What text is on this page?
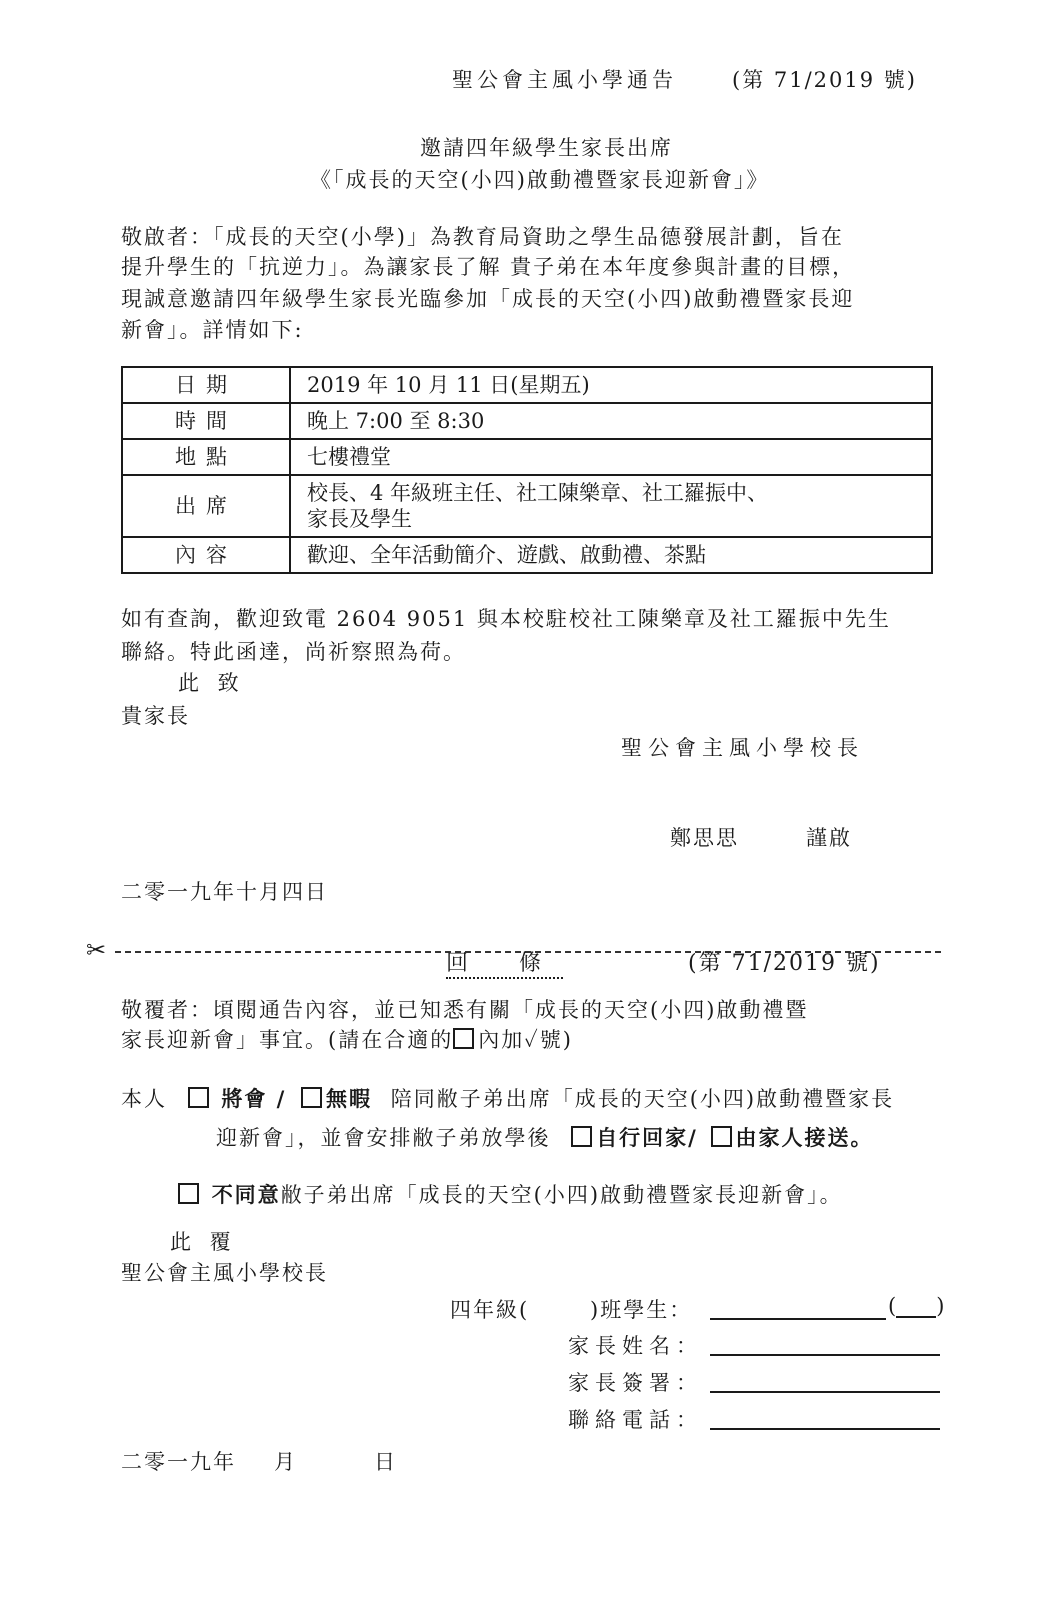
聖公會主風小學通告	(第 71/2019 號)
邀請四年級學生家長出席
《「成長的天空(小四)啟動禮暨家長迎新會」》
敬啟者：「成長的天空(小學)」為教育局資助之學生品德發展計劃，旨在
提升學生的「抗逆力」。為讓家長了解 貴子弟在本年度參與計畫的目標，
現誠意邀請四年級學生家長光臨參加「成長的天空(小四)啟動禮暨家長迎
新會」。詳情如下:
日期	2019 年 10 月 11 日(星期五)
時間	晚上 7:00 至 8:30
地點	七樓禮堂
出席	校長、4 年級班主任、社工陳樂章、社工羅振中、
家長及學生

內容	歡迎、全年活動簡介、遊戲、啟動禮、茶點
如有查詢，歡迎致電 2604 9051 與本校駐校社工陳樂章及社工羅振中先生
聯絡。特此函達，尚祈察照為荷。
此 致
貴家長
聖公會主風小學校長
鄭思思	謹啟
二零一九年十月四日
✂	回 條	(第 71/2019 號)
敬覆者：頃閱通告內容，並已知悉有關「成長的天空(小四)啟動禮暨
家長迎新會」事宜。(請在合適的 內加✓號)
本人	將會 / 無暇 陪同敝子弟出席「成長的天空(小四)啟動禮暨家長
迎新會」，並會安排敝子弟放學後 自行回家/ 由家人接送。
不同意敝子弟出席「成長的天空(小四)啟動禮暨家長迎新會」。
此 覆
聖公會主風小學校長
四年級(	)班學生：	( )
家長姓名：
家長簽署：
聯絡電話：
二零一九年 月	日
